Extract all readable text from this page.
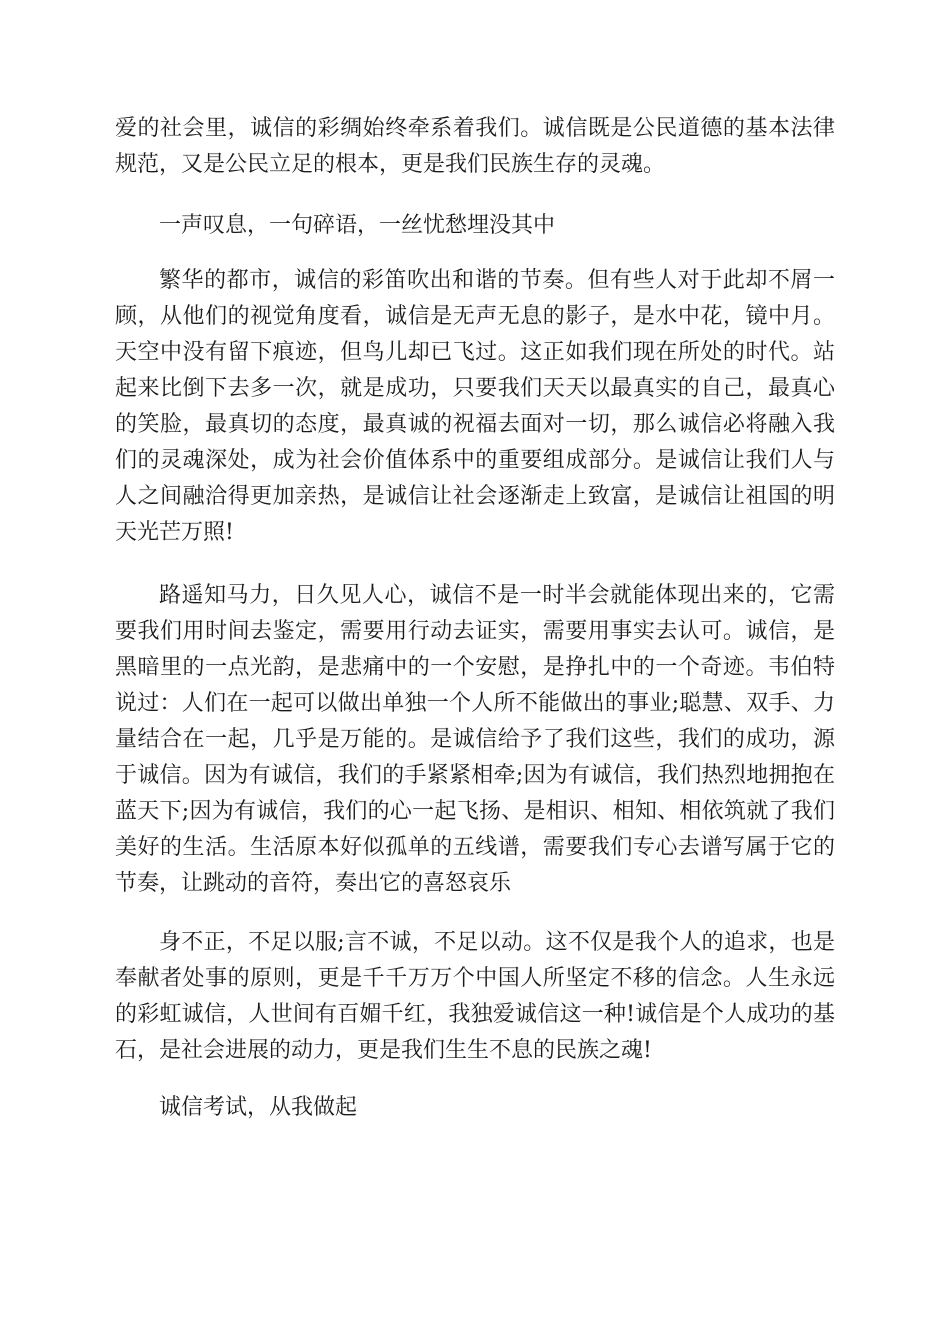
爱的社会里，诚信的彩绸始终牵系着我们。诚信既是公民道德的基本法律规范，又是公民立足的根本，更是我们民族生存的灵魂。

一声叹息，一句碎语，一丝忧愁埋没其中

繁华的都市，诚信的彩笛吹出和谐的节奏。但有些人对于此却不屑一顾，从他们的视觉角度看，诚信是无声无息的影子，是水中花，镜中月。天空中没有留下痕迹，但鸟儿却已飞过。这正如我们现在所处的时代。站起来比倒下去多一次，就是成功，只要我们天天以最真实的自己，最真心的笑脸，最真切的态度，最真诚的祝福去面对一切，那么诚信必将融入我们的灵魂深处，成为社会价值体系中的重要组成部分。是诚信让我们人与人之间融洽得更加亲热，是诚信让社会逐渐走上致富，是诚信让祖国的明天光芒万照!

路遥知马力，日久见人心，诚信不是一时半会就能体现出来的，它需要我们用时间去鉴定，需要用行动去证实，需要用事实去认可。诚信，是黑暗里的一点光韵，是悲痛中的一个安慰，是挣扎中的一个奇迹。韦伯特说过：人们在一起可以做出单独一个人所不能做出的事业;聪慧、双手、力量结合在一起，几乎是万能的。是诚信给予了我们这些，我们的成功，源于诚信。因为有诚信，我们的手紧紧相牵;因为有诚信，我们热烈地拥抱在蓝天下;因为有诚信，我们的心一起飞扬、是相识、相知、相依筑就了我们美好的生活。生活原本好似孤单的五线谱，需要我们专心去谱写属于它的节奏，让跳动的音符，奏出它的喜怒哀乐

身不正，不足以服;言不诚，不足以动。这不仅是我个人的追求，也是奉献者处事的原则，更是千千万万个中国人所坚定不移的信念。人生永远的彩虹诚信，人世间有百媚千红，我独爱诚信这一种!诚信是个人成功的基石，是社会进展的动力，更是我们生生不息的民族之魂!

诚信考试，从我做起
